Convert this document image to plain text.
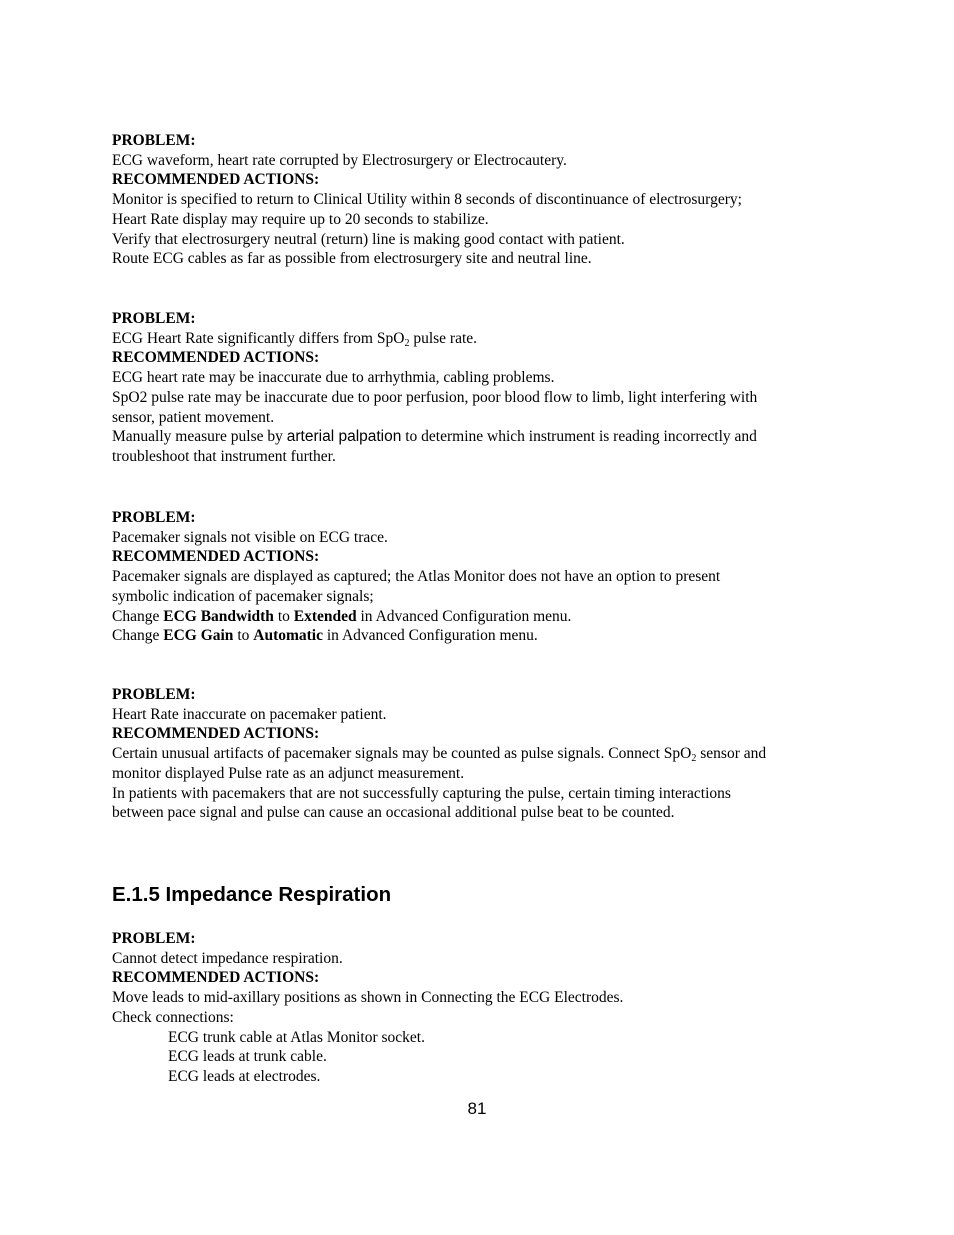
PROBLEM:
ECG waveform, heart rate corrupted by Electrosurgery or Electrocautery.
RECOMMENDED ACTIONS:
Monitor is specified to return to Clinical Utility within 8 seconds of discontinuance of electrosurgery;
Heart Rate display may require up to 20 seconds to stabilize.
Verify that electrosurgery neutral (return) line is making good contact with patient.
Route ECG cables as far as possible from electrosurgery site and neutral line.
PROBLEM:
ECG Heart Rate significantly differs from SpO$_2$ pulse rate.
RECOMMENDED ACTIONS:
ECG heart rate may be inaccurate due to arrhythmia, cabling problems.
SpO2 pulse rate may be inaccurate due to poor perfusion, poor blood flow to limb, light interfering with
sensor, patient movement.
Manually measure pulse by arterial palpation to determine which instrument is reading incorrectly and
troubleshoot that instrument further.
PROBLEM:
Pacemaker signals not visible on ECG trace.
RECOMMENDED ACTIONS:
Pacemaker signals are displayed as captured; the Atlas Monitor does not have an option to present
symbolic indication of pacemaker signals;
Change ECG Bandwidth to Extended in Advanced Configuration menu.
Change ECG Gain to Automatic in Advanced Configuration menu.
PROBLEM:
Heart Rate inaccurate on pacemaker patient.
RECOMMENDED ACTIONS:
Certain unusual artifacts of pacemaker signals may be counted as pulse signals. Connect SpO$_2$ sensor and
monitor displayed Pulse rate as an adjunct measurement.
In patients with pacemakers that are not successfully capturing the pulse, certain timing interactions
between pace signal and pulse can cause an occasional additional pulse beat to be counted.
E.1.5 Impedance Respiration
PROBLEM:
Cannot detect impedance respiration.
RECOMMENDED ACTIONS:
Move leads to mid-axillary positions as shown in Connecting the ECG Electrodes.
Check connections:
ECG trunk cable at Atlas Monitor socket.
ECG leads at trunk cable.
ECG leads at electrodes.
81
